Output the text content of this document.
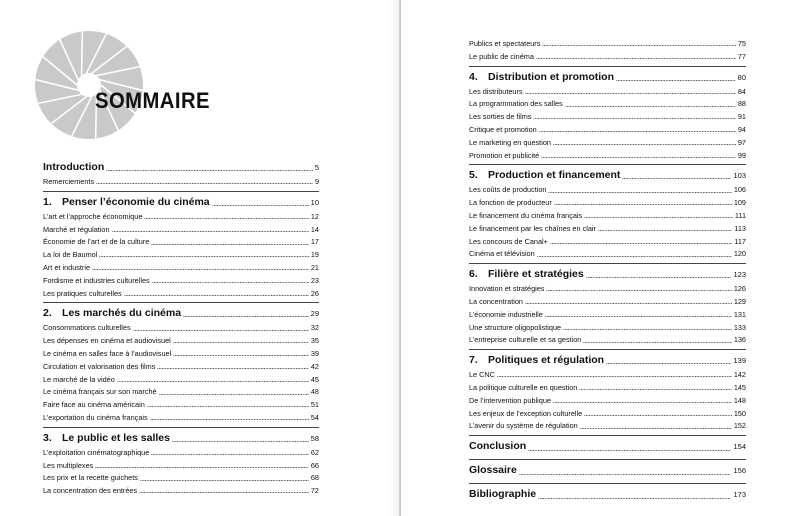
SOMMAIRE
Introduction	5
Remerciements	9
1. Penser l’économie du cinéma	10
L’art et l’approche économique	12
Marché et régulation	14
Économie de l’art et de la culture	17
La loi de Baumol	19
Art et industrie	21
Fordisme et industries culturelles	23
Les pratiques culturelles	26
2. Les marchés du cinéma	29
Consommations culturelles	32
Les dépenses en cinéma et audiovisuel	35
Le cinéma en salles face à l’audiovisuel	39
Circulation et valorisation des films	42
Le marché de la vidéo	45
Le cinéma français sur son marché	48
Faire face au cinéma américain	51
L’exportation du cinéma français	54
3. Le public et les salles	58
L’exploitation cinématographique	62
Les multiplexes	66
Les prix et la recette guichets	68
La concentration des entrées	72
Publics et spectateurs	75
Le public de cinéma	77
4. Distribution et promotion	80
Les distributeurs	84
La programmation des salles	88
Les sorties de films	91
Critique et promotion	94
Le marketing en question	97
Promotion et publicité	99
5. Production et financement	103
Les coûts de production	106
La fonction de producteur	109
Le financement du cinéma français	111
Le financement par les chaînes en clair	113
Les concours de Canal+	117
Cinéma et télévision	120
6. Filière et stratégies	123
Innovation et stratégies	126
La concentration	129
L’économie industrielle	131
Une structure oligopolistique	133
L’entreprise culturelle et sa gestion	136
7. Politiques et régulation	139
Le CNC	142
La politique culturelle en question	145
De l’intervention publique	148
Les enjeux de l’exception culturelle	150
L’avenir du système de régulation	152
Conclusion	154
Glossaire	156
Bibliographie	173
